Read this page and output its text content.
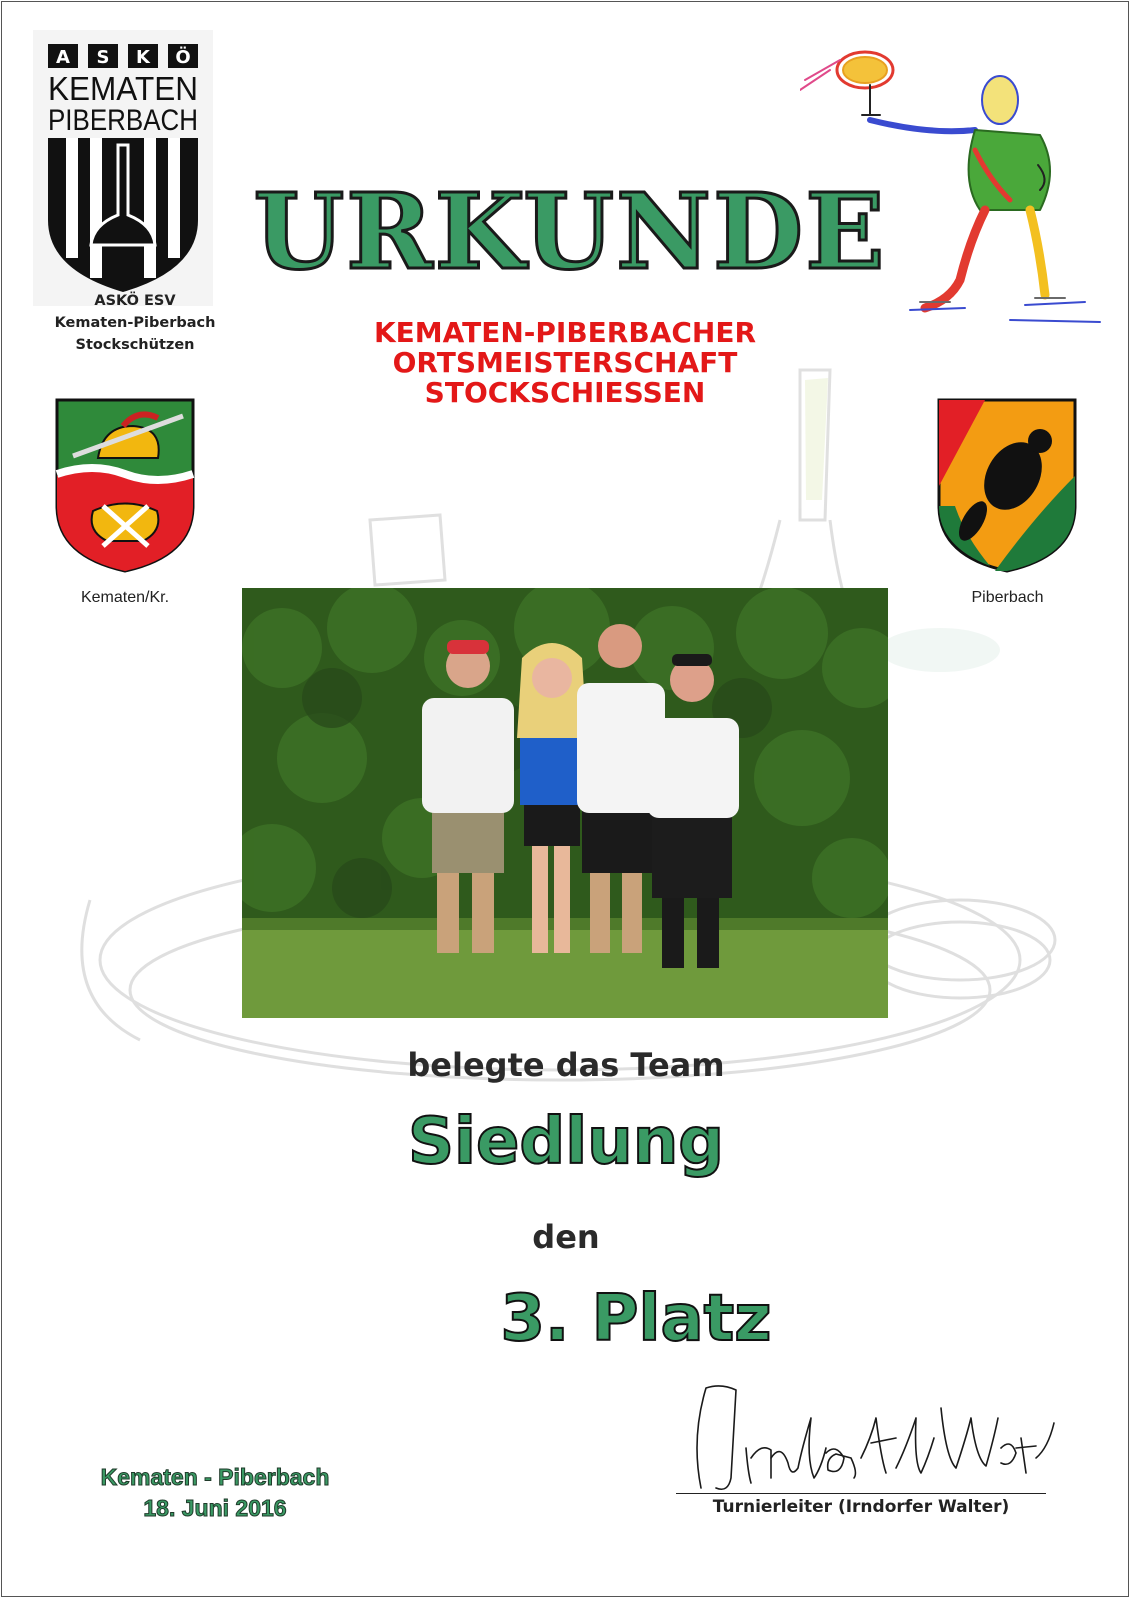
A S K Ö
KEMATEN
PIBERBACH
ASKÖ ESV
Kematen-Piberbach
Stockschützen
URKUNDE
KEMATEN-PIBERBACHER
ORTSMEISTERSCHAFT
STOCKSCHIESSEN
Kematen/Kr.	Piberbach
belegte das Team
Siedlung
den
3. Platz
Kematen - Piberbach
18. Juni 2016	Turnierleiter (Irndorfer Walter)
